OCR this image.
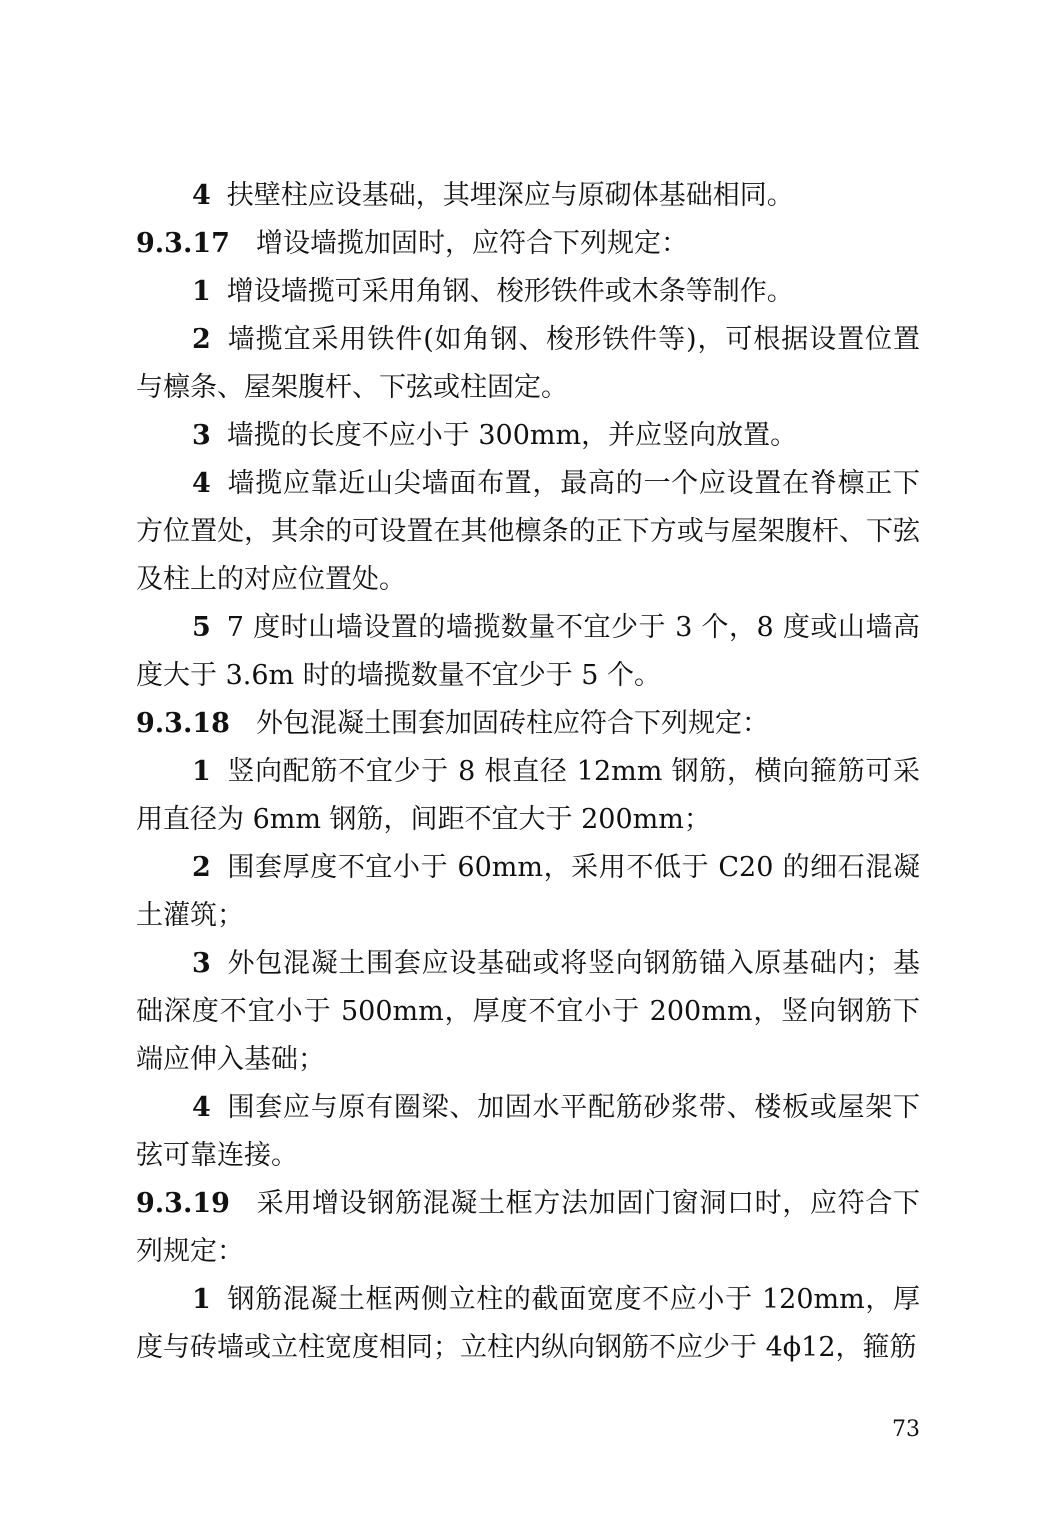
4 扶壁柱应设基础，其埋深应与原砌体基础相同。

9.3.17 增设墙揽加固时，应符合下列规定：

1 增设墙揽可采用角钢、梭形铁件或木条等制作。

2 墙揽宜采用铁件(如角钢、梭形铁件等)，可根据设置位置与檩条、屋架腹杆、下弦或柱固定。

3 墙揽的长度不应小于 300mm，并应竖向放置。

4 墙揽应靠近山尖墙面布置，最高的一个应设置在脊檩正下方位置处，其余的可设置在其他檩条的正下方或与屋架腹杆、下弦及柱上的对应位置处。

5 7 度时山墙设置的墙揽数量不宜少于 3 个，8 度或山墙高度大于 3.6m 时的墙揽数量不宜少于 5 个。

9.3.18 外包混凝土围套加固砖柱应符合下列规定：

1 竖向配筋不宜少于 8 根直径 12mm 钢筋，横向箍筋可采用直径为 6mm 钢筋，间距不宜大于 200mm；

2 围套厚度不宜小于 60mm，采用不低于 C20 的细石混凝土灌筑；

3 外包混凝土围套应设基础或将竖向钢筋锚入原基础内；基础深度不宜小于 500mm，厚度不宜小于 200mm，竖向钢筋下端应伸入基础；

4 围套应与原有圈梁、加固水平配筋砂浆带、楼板或屋架下弦可靠连接。

9.3.19 采用增设钢筋混凝土框方法加固门窗洞口时，应符合下列规定：

1 钢筋混凝土框两侧立柱的截面宽度不应小于 120mm，厚度与砖墙或立柱宽度相同；立柱内纵向钢筋不应少于 4ϕ12，箍筋

73
